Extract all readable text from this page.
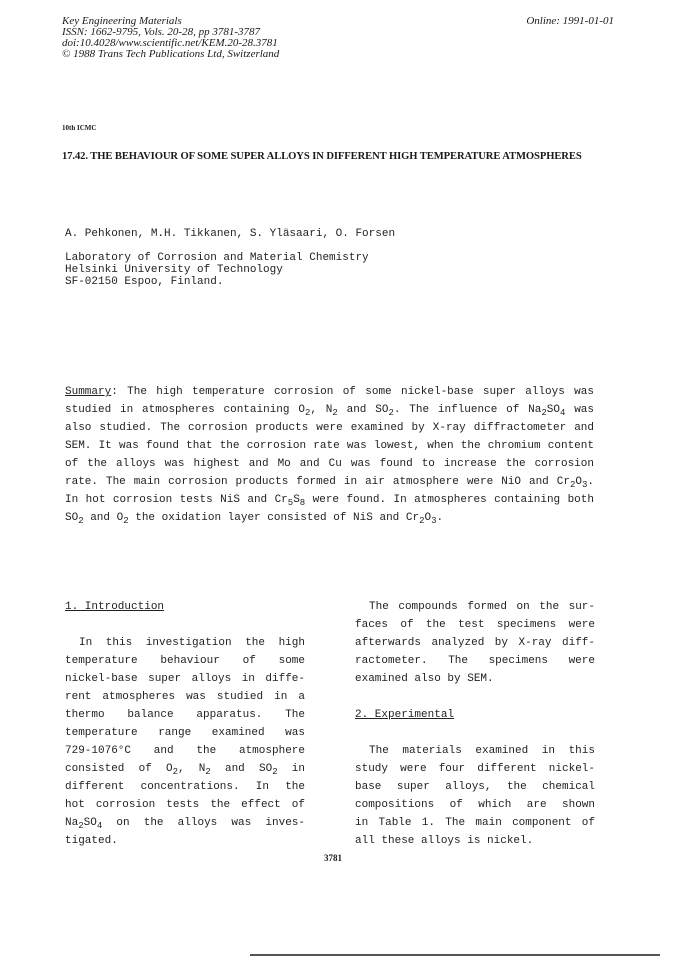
Key Engineering Materials
ISSN: 1662-9795, Vols. 20-28, pp 3781-3787
doi:10.4028/www.scientific.net/KEM.20-28.3781
© 1988 Trans Tech Publications Ltd, Switzerland
Online: 1991-01-01
10th ICMC
17.42. THE BEHAVIOUR OF SOME SUPER ALLOYS IN DIFFERENT HIGH TEMPERATURE ATMOSPHERES
A. Pehkonen, M.H. Tikkanen, S. Yläsaari, O. Forsen
Laboratory of Corrosion and Material Chemistry
Helsinki University of Technology
SF-02150 Espoo, Finland.

Summary: The high temperature corrosion of some nickel-base super alloys was studied in atmospheres containing $O_2$, $N_2$ and $SO_2$. The influence of $Na_2SO_4$ was also studied. The corrosion products were examined by X-ray diffractometer and SEM. It was found that the corrosion rate was lowest, when the chromium content of the alloys was highest and Mo and Cu was found to increase the corrosion rate. The main corrosion products formed in air atmosphere were NiO and $Cr_2O_3$. In hot corrosion tests NiS and $Cr_5S_8$ were found. In atmospheres containing both $SO_2$ and $O_2$ the oxidation layer consisted of NiS and $Cr_2O_3$.

1. Introduction
In this investigation the high
temperature behaviour of some
nickel-base super alloys in diffe-
rent atmospheres was studied in a
thermo balance apparatus. The
temperature range examined was
729-1076°C and the atmosphere
consisted of $O_2$, $N_2$ and $SO_2$ in
different concentrations. In the
hot corrosion tests the effect of
$Na_2SO_4$ on the alloys was inves-
tigated.
The compounds formed on the sur-
faces of the test specimens were
afterwards analyzed by X-ray diff-
ractometer. The specimens were
examined also by SEM.
2. Experimental
The materials examined in this
study were four different nickel-
base super alloys, the chemical
compositions of which are shown
in Table 1. The main component of
all these alloys is nickel.
3781
